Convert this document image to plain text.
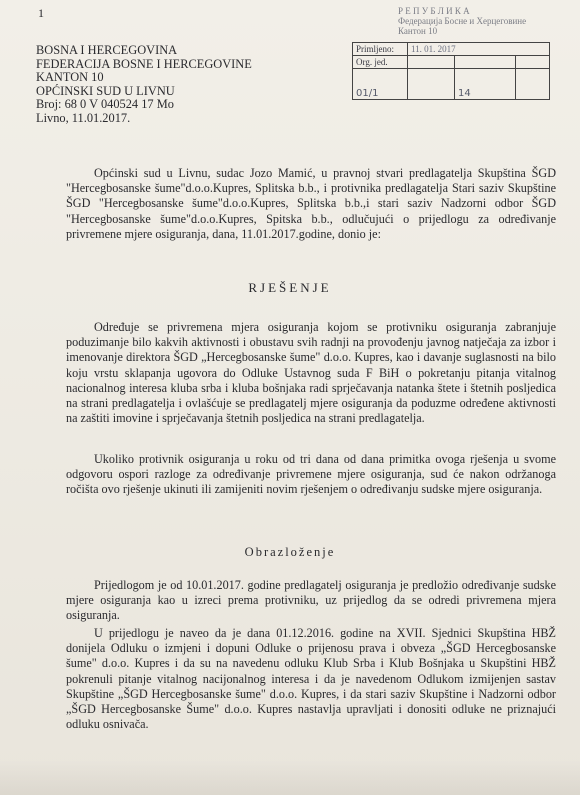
1	Р Е П У Б Л И К А
Федерација Босне и Херцеговине
Кантон 10
Primljeno:	11. 01. 2017		
Org. jed.			
01/1		14	
BOSNA I HERCEGOVINA
FEDERACIJA BOSNE I HERCEGOVINE
KANTON 10
OPĆINSKI SUD U LIVNU
Broj: 68 0 V 040524 17 Mo
Livno, 11.01.2017.
Općinski sud u Livnu, sudac Jozo Mamić, u pravnoj stvari predlagatelja Skupština ŠGD "Hercegbosanske šume"d.o.o.Kupres, Splitska b.b., i protivnika predlagatelja Stari saziv Skupštine ŠGD "Hercegbosanske šume"d.o.o.Kupres, Splitska b.b.,i stari saziv Nadzorni odbor ŠGD "Hercegbosanske šume"d.o.o.Kupres, Spitska b.b., odlučujući o prijedlogu za određivanje privremene mjere osiguranja, dana, 11.01.2017.godine, donio je:
RJEŠENJE
Određuje se privremena mjera osiguranja kojom se protivniku osiguranja zabranjuje poduzimanje bilo kakvih aktivnosti i obustavu svih radnji na provođenju javnog natječaja za izbor i imenovanje direktora ŠGD „Hercegbosanske šume" d.o.o. Kupres, kao i davanje suglasnosti na bilo koju vrstu sklapanja ugovora do Odluke Ustavnog suda F BiH o pokretanju pitanja vitalnog nacionalnog interesa kluba srba i kluba bošnjaka radi sprječavanja natanka štete i štetnih posljedica na strani predlagatelja i ovlašćuje se predlagatelj mjere osiguranja da poduzme određene aktivnosti na zaštiti imovine i sprječavanja štetnih posljedica na strani predlagatelja.
Ukoliko protivnik osiguranja u roku od tri dana od dana primitka ovoga rješenja u svome odgovoru ospori razloge za određivanje privremene mjere osiguranja, sud će nakon održanoga ročišta ovo rješenje ukinuti ili zamijeniti novim rješenjem o određivanju sudske mjere osiguranja.
Obrazloženje
Prijedlogom je od 10.01.2017. godine predlagatelj osiguranja je predložio određivanje sudske mjere osiguranja kao u izreci prema protivniku, uz prijedlog da se odredi privremena mjera osiguranja.
U prijedlogu je naveo da je dana 01.12.2016. godine na XVII. Sjednici Skupština HBŽ donijela Odluku o izmjeni i dopuni Odluke o prijenosu prava i obveza „ŠGD Hercegbosanske šume" d.o.o. Kupres i da su na navedenu odluku Klub Srba i Klub Bošnjaka u Skupštini HBŽ pokrenuli pitanje vitalnog nacijonalnog interesa i da je navedenom Odlukom izmijenjen sastav Skupštine „ŠGD Hercegbosanske šume" d.o.o. Kupres, i da stari saziv Skupštine i Nadzorni odbor „ŠGD Hercegbosanske Šume" d.o.o. Kupres nastavlja upravljati i donositi odluke ne priznajući odluku osnivača.
